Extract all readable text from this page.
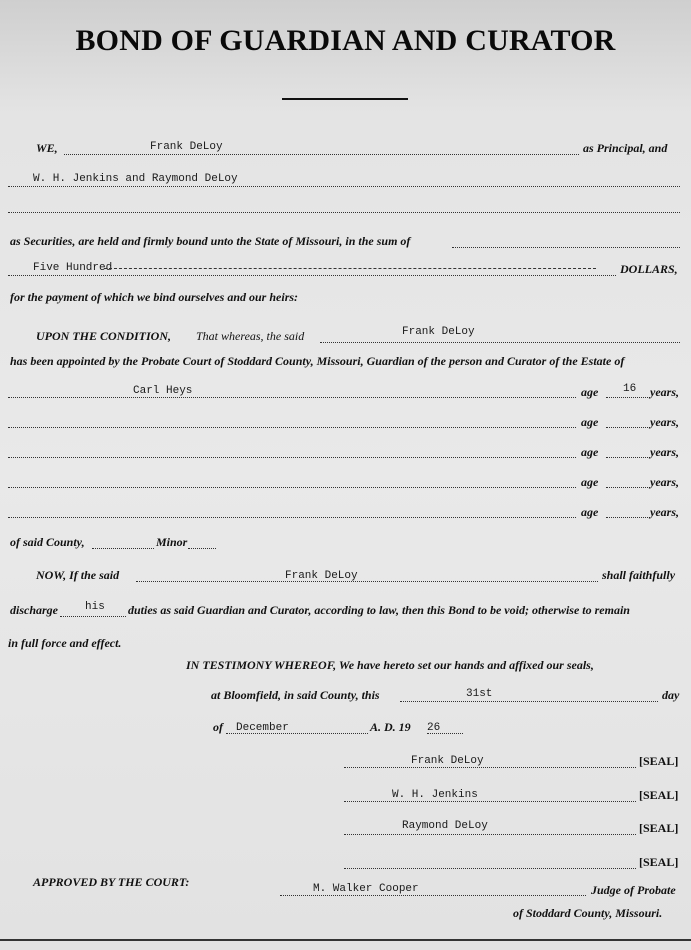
BOND OF GUARDIAN AND CURATOR
WE,	Frank DeLoy	as Principal, and
W. H. Jenkins and Raymond DeLoy
as Securities, are held and firmly bound unto the State of Missouri, in the sum of
Five Hundred	DOLLARS,
for the payment of which we bind ourselves and our heirs:
UPON THE CONDITION, That whereas, the said	Frank DeLoy
has been appointed by the Probate Court of Stoddard County, Missouri, Guardian of the person and Curator of the Estate of
Carl Heys	age 16 years,
age	years,
age	years,
age	years,
age	years,
of said County,	Minor
NOW, If the said	Frank DeLoy	shall faithfully
discharge his duties as said Guardian and Curator, according to law, then this Bond to be void; otherwise to remain
in full force and effect.
IN TESTIMONY WHEREOF, We have hereto set our hands and affixed our seals,
at Bloomfield, in said County, this	31st	day
of December	A. D. 19 26
Frank DeLoy	[SEAL]
W. H. Jenkins	[SEAL]
Raymond DeLoy	[SEAL]
[SEAL]
APPROVED BY THE COURT:	M. Walker Cooper	Judge of Probate
of Stoddard County, Missouri.
